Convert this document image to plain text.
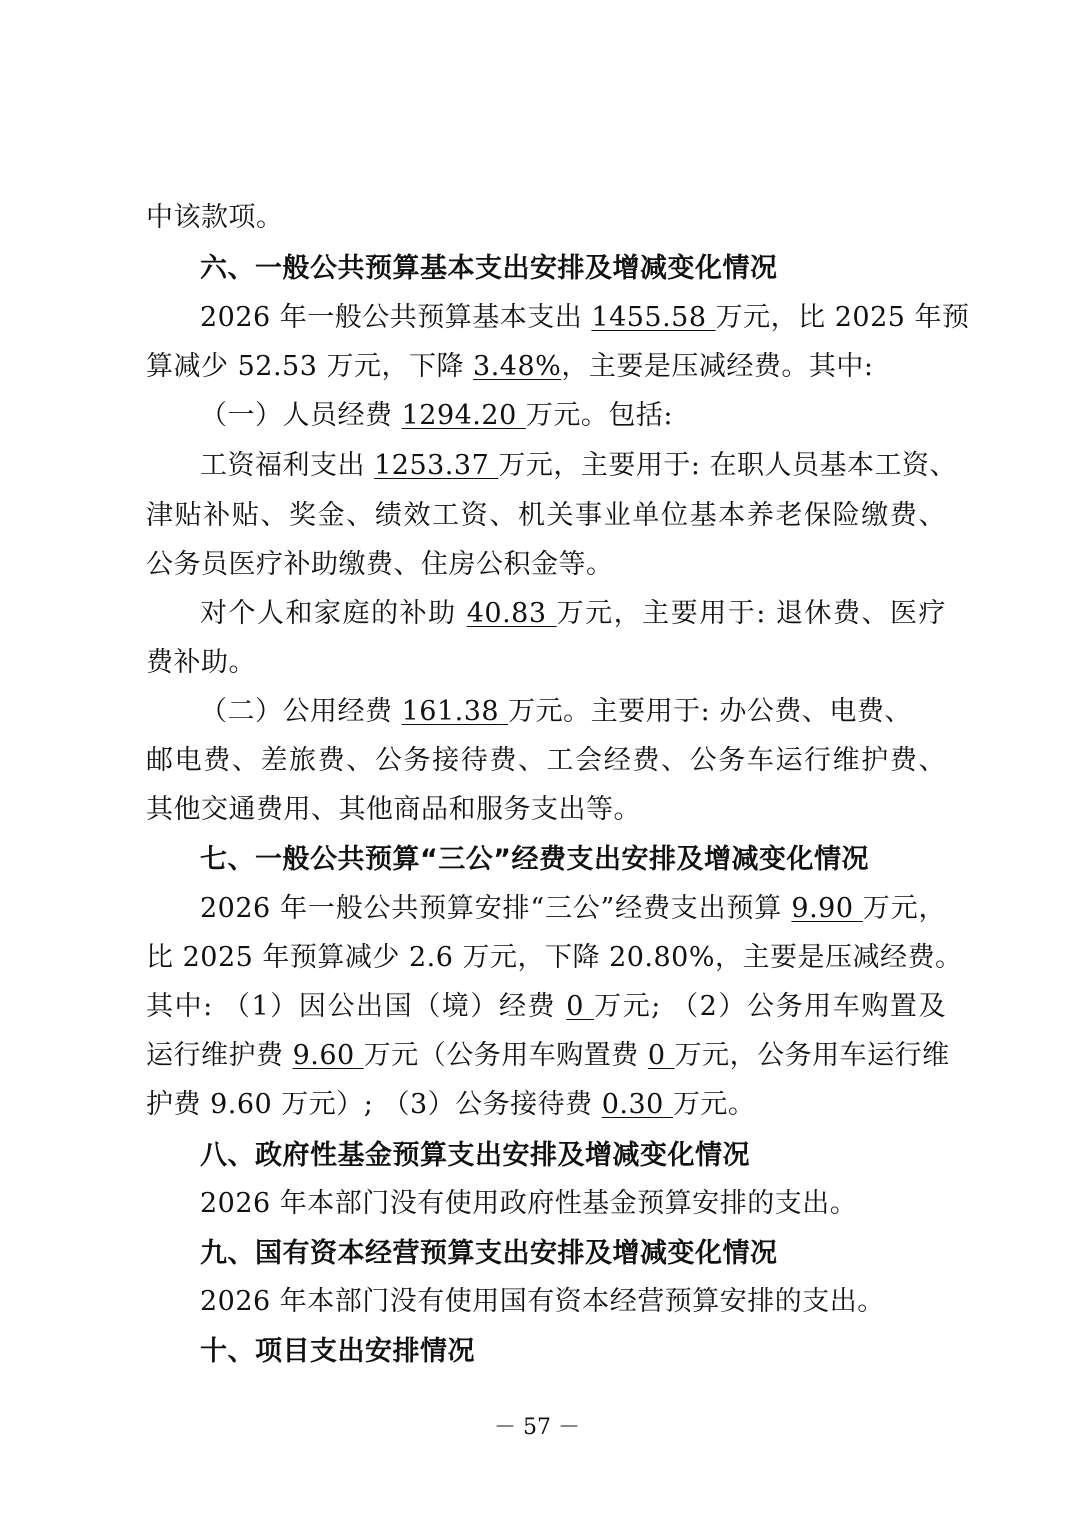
中该款项。
六、一般公共预算基本支出安排及增减变化情况
2026 年一般公共预算基本支出 1455.58 万元，比 2025 年预
算减少 52.53 万元，下降 3.48%，主要是压减经费。其中:
（一）人员经费 1294.20 万元。包括:
工资福利支出 1253.37 万元，主要用于: 在职人员基本工资、
津贴补贴、奖金、绩效工资、机关事业单位基本养老保险缴费、
公务员医疗补助缴费、住房公积金等。
对个人和家庭的补助 40.83 万元，主要用于: 退休费、医疗
费补助。
（二）公用经费 161.38 万元。主要用于: 办公费、电费、
邮电费、差旅费、公务接待费、工会经费、公务车运行维护费、
其他交通费用、其他商品和服务支出等。
七、一般公共预算“三公”经费支出安排及增减变化情况
2026 年一般公共预算安排“三公”经费支出预算 9.90 万元，
比 2025 年预算减少 2.6 万元，下降 20.80%，主要是压减经费。
其中: （1）因公出国（境）经费 0 万元; （2）公务用车购置及
运行维护费 9.60 万元（公务用车购置费 0 万元，公务用车运行维
护费 9.60 万元）; （3）公务接待费 0.30 万元。
八、政府性基金预算支出安排及增减变化情况
2026 年本部门没有使用政府性基金预算安排的支出。
九、国有资本经营预算支出安排及增减变化情况
2026 年本部门没有使用国有资本经营预算安排的支出。
十、项目支出安排情况
－ 57 －
